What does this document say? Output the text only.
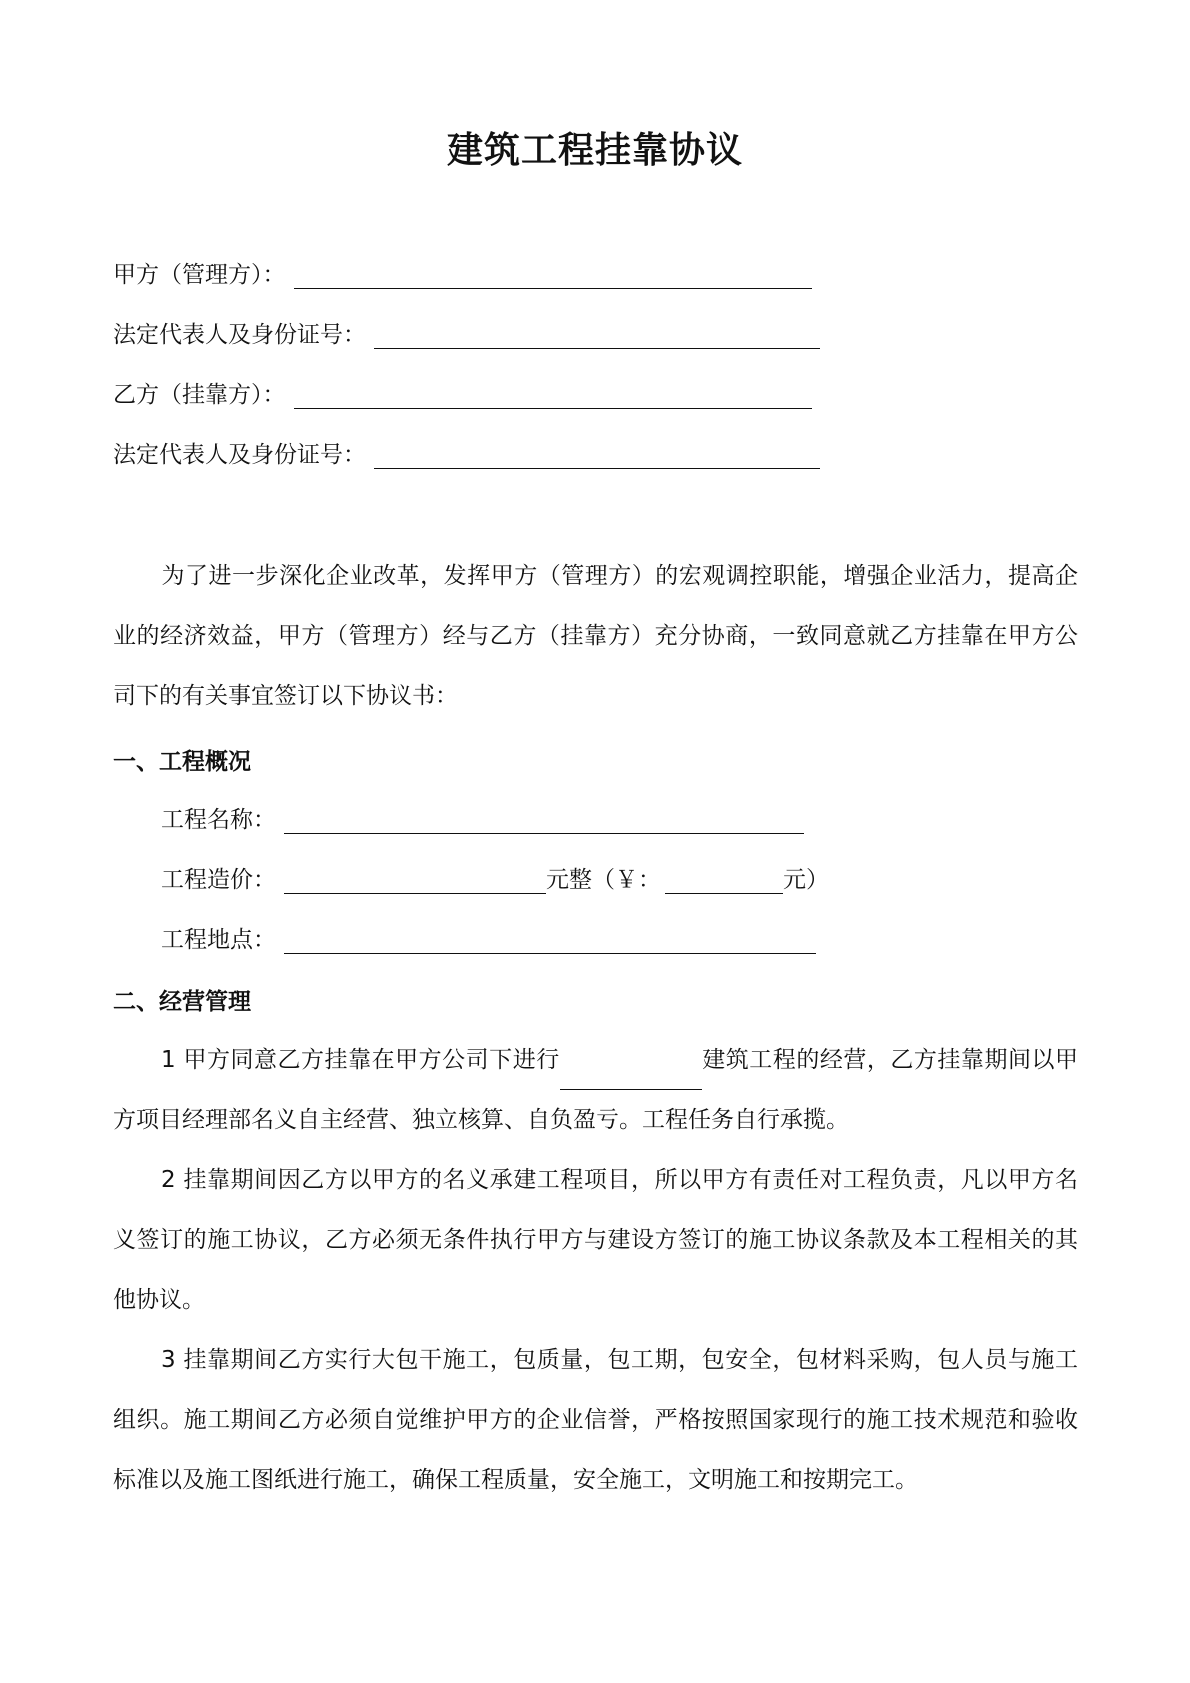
建筑工程挂靠协议
甲方（管理方）：
法定代表人及身份证号：
乙方（挂靠方）：
法定代表人及身份证号：
为了进一步深化企业改革，发挥甲方（管理方）的宏观调控职能，增强企业活力，提高企业的经济效益，甲方（管理方）经与乙方（挂靠方）充分协商，一致同意就乙方挂靠在甲方公司下的有关事宜签订以下协议书：
一、工程概况
工程名称：
工程造价：	元整（￥：	元）
工程地点：
二、经营管理
1 甲方同意乙方挂靠在甲方公司下进行	建筑工程的经营，乙方挂靠期间以甲方项目经理部名义自主经营、独立核算、自负盈亏。工程任务自行承揽。
2 挂靠期间因乙方以甲方的名义承建工程项目，所以甲方有责任对工程负责，凡以甲方名义签订的施工协议，乙方必须无条件执行甲方与建设方签订的施工协议条款及本工程相关的其他协议。
3 挂靠期间乙方实行大包干施工，包质量，包工期，包安全，包材料采购，包人员与施工组织。施工期间乙方必须自觉维护甲方的企业信誉，严格按照国家现行的施工技术规范和验收标准以及施工图纸进行施工，确保工程质量，安全施工，文明施工和按期完工。
